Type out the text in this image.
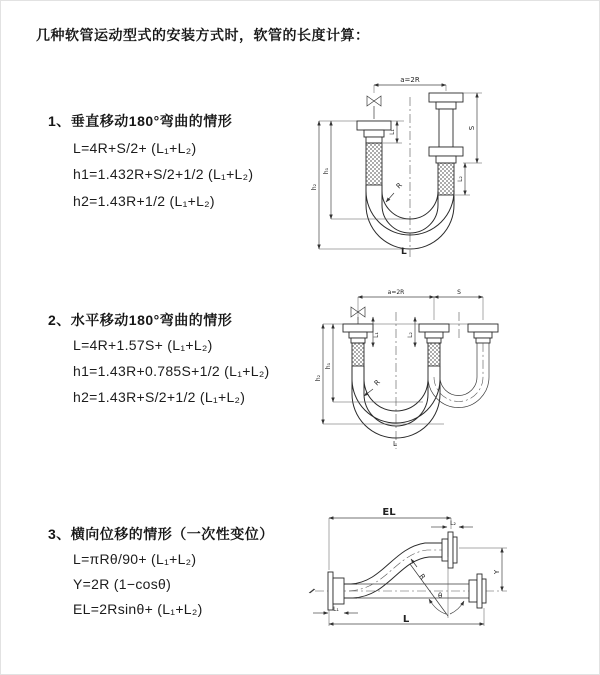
几种软管运动型式的安装方式时，软管的长度计算：
1、垂直移动180°弯曲的情形
L=4R+S/2+ (L₁+L₂)
h1=1.432R+S/2+1/2 (L₁+L₂)
h2=1.43R+1/2 (L₁+L₂)
a=2R
S
L₂
L₁
h₁
h₂	R
L
2、水平移动180°弯曲的情形
L=4R+1.57S+ (L₁+L₂)
h1=1.43R+0.785S+1/2 (L₁+L₂)
h2=1.43R+S/2+1/2 (L₁+L₂)
a=2R	S
L₁	L₂
h₁
h₂
R
L
3、横向位移的情形（一次性变位）
L=πRθ/90+ (L₁+L₂)
Y=2R (1−cosθ)
EL=2Rsinθ+ (L₁+L₂)
EL
L₂
Y
θ
R
L₁
L
